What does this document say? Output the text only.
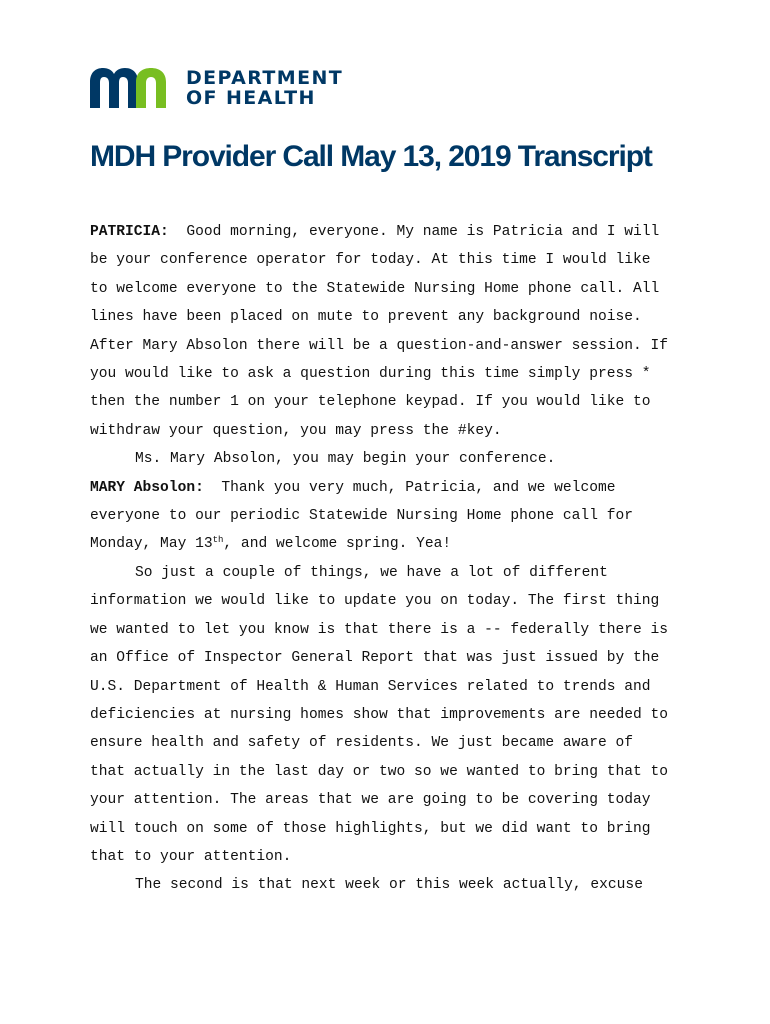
DEPARTMENT
OF HEALTH
MDH Provider Call May 13, 2019 Transcript

PATRICIA: Good morning, everyone. My name is Patricia and I will be your conference operator for today. At this time I would like to welcome everyone to the Statewide Nursing Home phone call. All lines have been placed on mute to prevent any background noise. After Mary Absolon there will be a question-and-answer session. If you would like to ask a question during this time simply press * then the number 1 on your telephone keypad. If you would like to withdraw your question, you may press the #key.

Ms. Mary Absolon, you may begin your conference.

MARY Absolon: Thank you very much, Patricia, and we welcome everyone to our periodic Statewide Nursing Home phone call for Monday, May 13th, and welcome spring. Yea!

So just a couple of things, we have a lot of different information we would like to update you on today. The first thing we wanted to let you know is that there is a -- federally there is an Office of Inspector General Report that was just issued by the U.S. Department of Health & Human Services related to trends and deficiencies at nursing homes show that improvements are needed to ensure health and safety of residents. We just became aware of that actually in the last day or two so we wanted to bring that to your attention. The areas that we are going to be covering today will touch on some of those highlights, but we did want to bring that to your attention.

The second is that next week or this week actually, excuse
